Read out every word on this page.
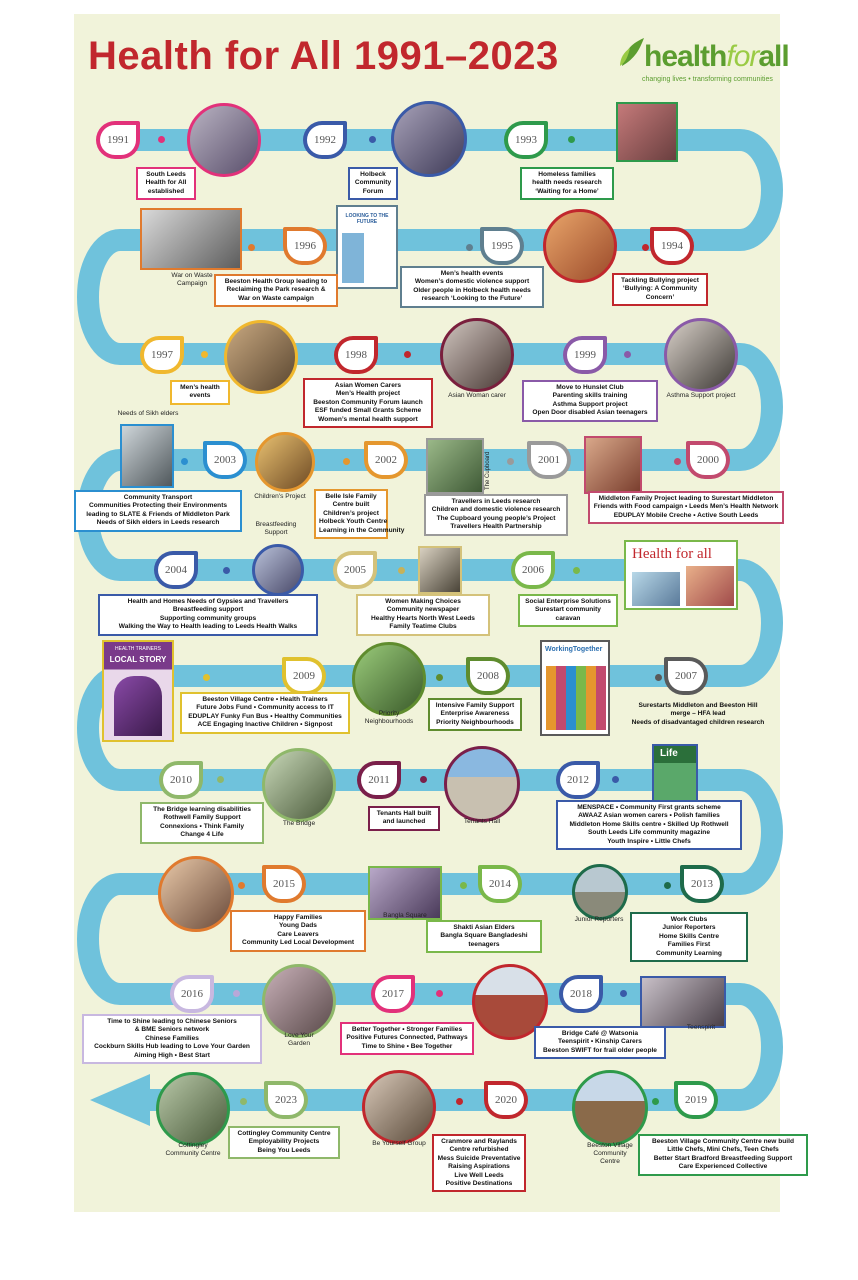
Health for All 1991–2023	healthforall
changing lives • transforming communities
1991
South Leeds
Health for All
established
1992
Holbeck
Community
Forum
1993
Homeless families
health needs research
‘Waiting for a Home’
1994
Tackling Bullying project
‘Bullying: A Community
Concern’
1995
Men’s health events
Women’s domestic violence support
Older people in Holbeck health needs
research ‘Looking to the Future’
LOOKING TO THE FUTURE
1996
War on Waste
Campaign	Beeston Health Group leading to
Reclaiming the Park research &
War on Waste campaign
1997
Men’s health
events
1998
Asian Women Carers
Men’s Health project
Beeston Community Forum launch
ESF funded Small Grants Scheme
Women’s mental health support
Asian Woman carer
1999
Move to Hunslet Club
Parenting skills training
Asthma Support project
Open Door disabled Asian teenagers
Asthma Support project
2000
Middleton Family Project leading to Surestart Middleton
Friends with Food campaign • Leeds Men’s Health Network
EDUPLAY Mobile Creche • Active South Leeds
2001
The Cupboard
Travellers in Leeds research
Children and domestic violence research
The Cupboard young people’s Project
Travellers Health Partnership
2002
Belle Isle Family
Centre built
Children’s project
Holbeck Youth Centre
Learning in the Community
Children's Project
Breastfeeding
Support
2003
Needs of Sikh elders
Community Transport
Communities Protecting their Environments
leading to SLATE & Friends of Middleton Park
Needs of Sikh elders in Leeds research
2004
Health and Homes Needs of Gypsies and Travellers
Breastfeeding support
Supporting community groups
Walking the Way to Health leading to Leeds Health Walks
2005
Women Making Choices
Community newspaper
Healthy Hearts North West Leeds
Family Teatime Clubs
2006
Social Enterprise Solutions
Surestart community
caravan
Health for all
2007
Surestarts Middleton and Beeston Hill
merge – HFA lead
Needs of disadvantaged children research
WorkingTogether
2008
Intensive Family Support
Enterprise Awareness
Priority Neighbourhoods
Priority
Neighbourhoods
2009
Beeston Village Centre • Health Trainers
Future Jobs Fund • Community access to IT
EDUPLAY Funky Fun Bus • Healthy Communities
ACE Engaging Inactive Children • Signpost
HEALTH TRAINERS
LOCAL STORY
2010
The Bridge
The Bridge learning disabilities
Rothwell Family Support
Connexions • Think Family
Change 4 Life
2011
Tenants Hall
Tenants Hall built
and launched
2012
Life
MENSPACE • Community First grants scheme
AWAAZ Asian women carers • Polish families
Middleton Home Skills centre • Skilled Up Rothwell
South Leeds Life community magazine
Youth Inspire • Little Chefs
2013
Junior Reporters	Work Clubs
Junior Reporters
Home Skills Centre
Families First
Community Learning
2014
Bangla Square
Shakti Asian Elders
Bangla Square Bangladeshi
teenagers
2015
Happy Families
Young Dads
Care Leavers
Community Led Local Development
2016
Love Your
Garden
Time to Shine leading to Chinese Seniors
& BME Seniors network
Chinese Families
Cockburn Skills Hub leading to Love Your Garden
Aiming High • Best Start
2017
Better Together • Stronger Families
Positive Futures Connected, Pathways
Time to Shine • Bee Together
2018
Teenspirit
Bridge Café @ Watsonia
Teenspirit • Kinship Carers
Beeston SWIFT for frail older people
2019
Beeston Village
Community
Centre
Beeston Village Community Centre new build
Little Chefs, Mini Chefs, Teen Chefs
Better Start Bradford Breastfeeding Support
Care Experienced Collective
2020
Be Yourself Group	Cranmore and Raylands
Centre refurbished
Mess Suicide Preventative
Raising Aspirations
Live Well Leeds
Positive Destinations
2023
Cottingley
Community Centre
Cottingley Community Centre
Employability Projects
Being You Leeds
